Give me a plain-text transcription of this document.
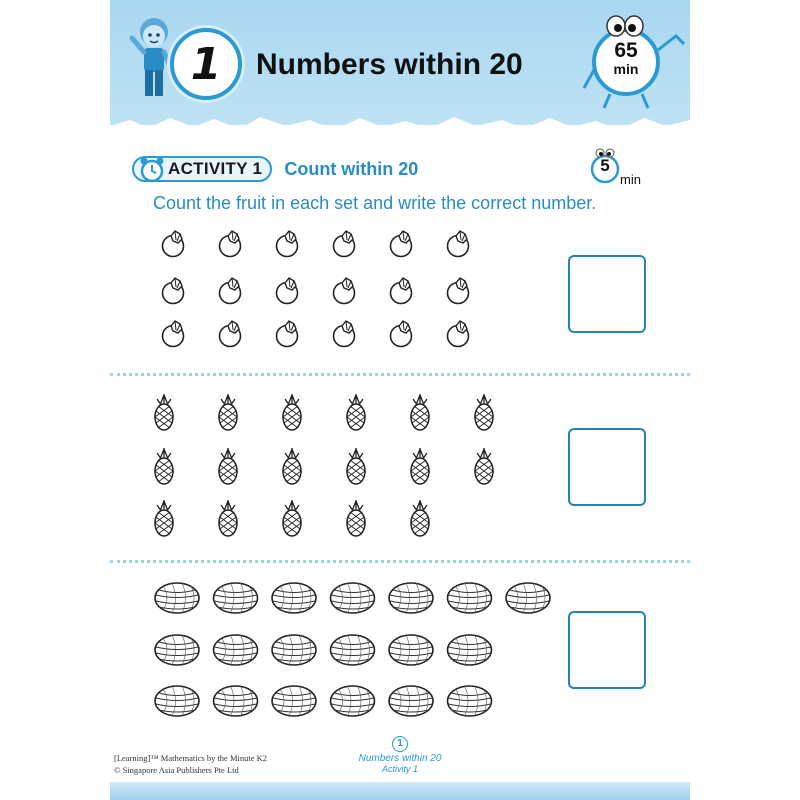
1 Numbers within 20	65
min
ACTIVITY 1 Count within 20	5
min
Count the fruit in each set and write the correct number.
[Learning]™ Mathematics by the Minute K2
© Singapore Asia Publishers Pte Ltd
1
Numbers within 20
Activity 1
